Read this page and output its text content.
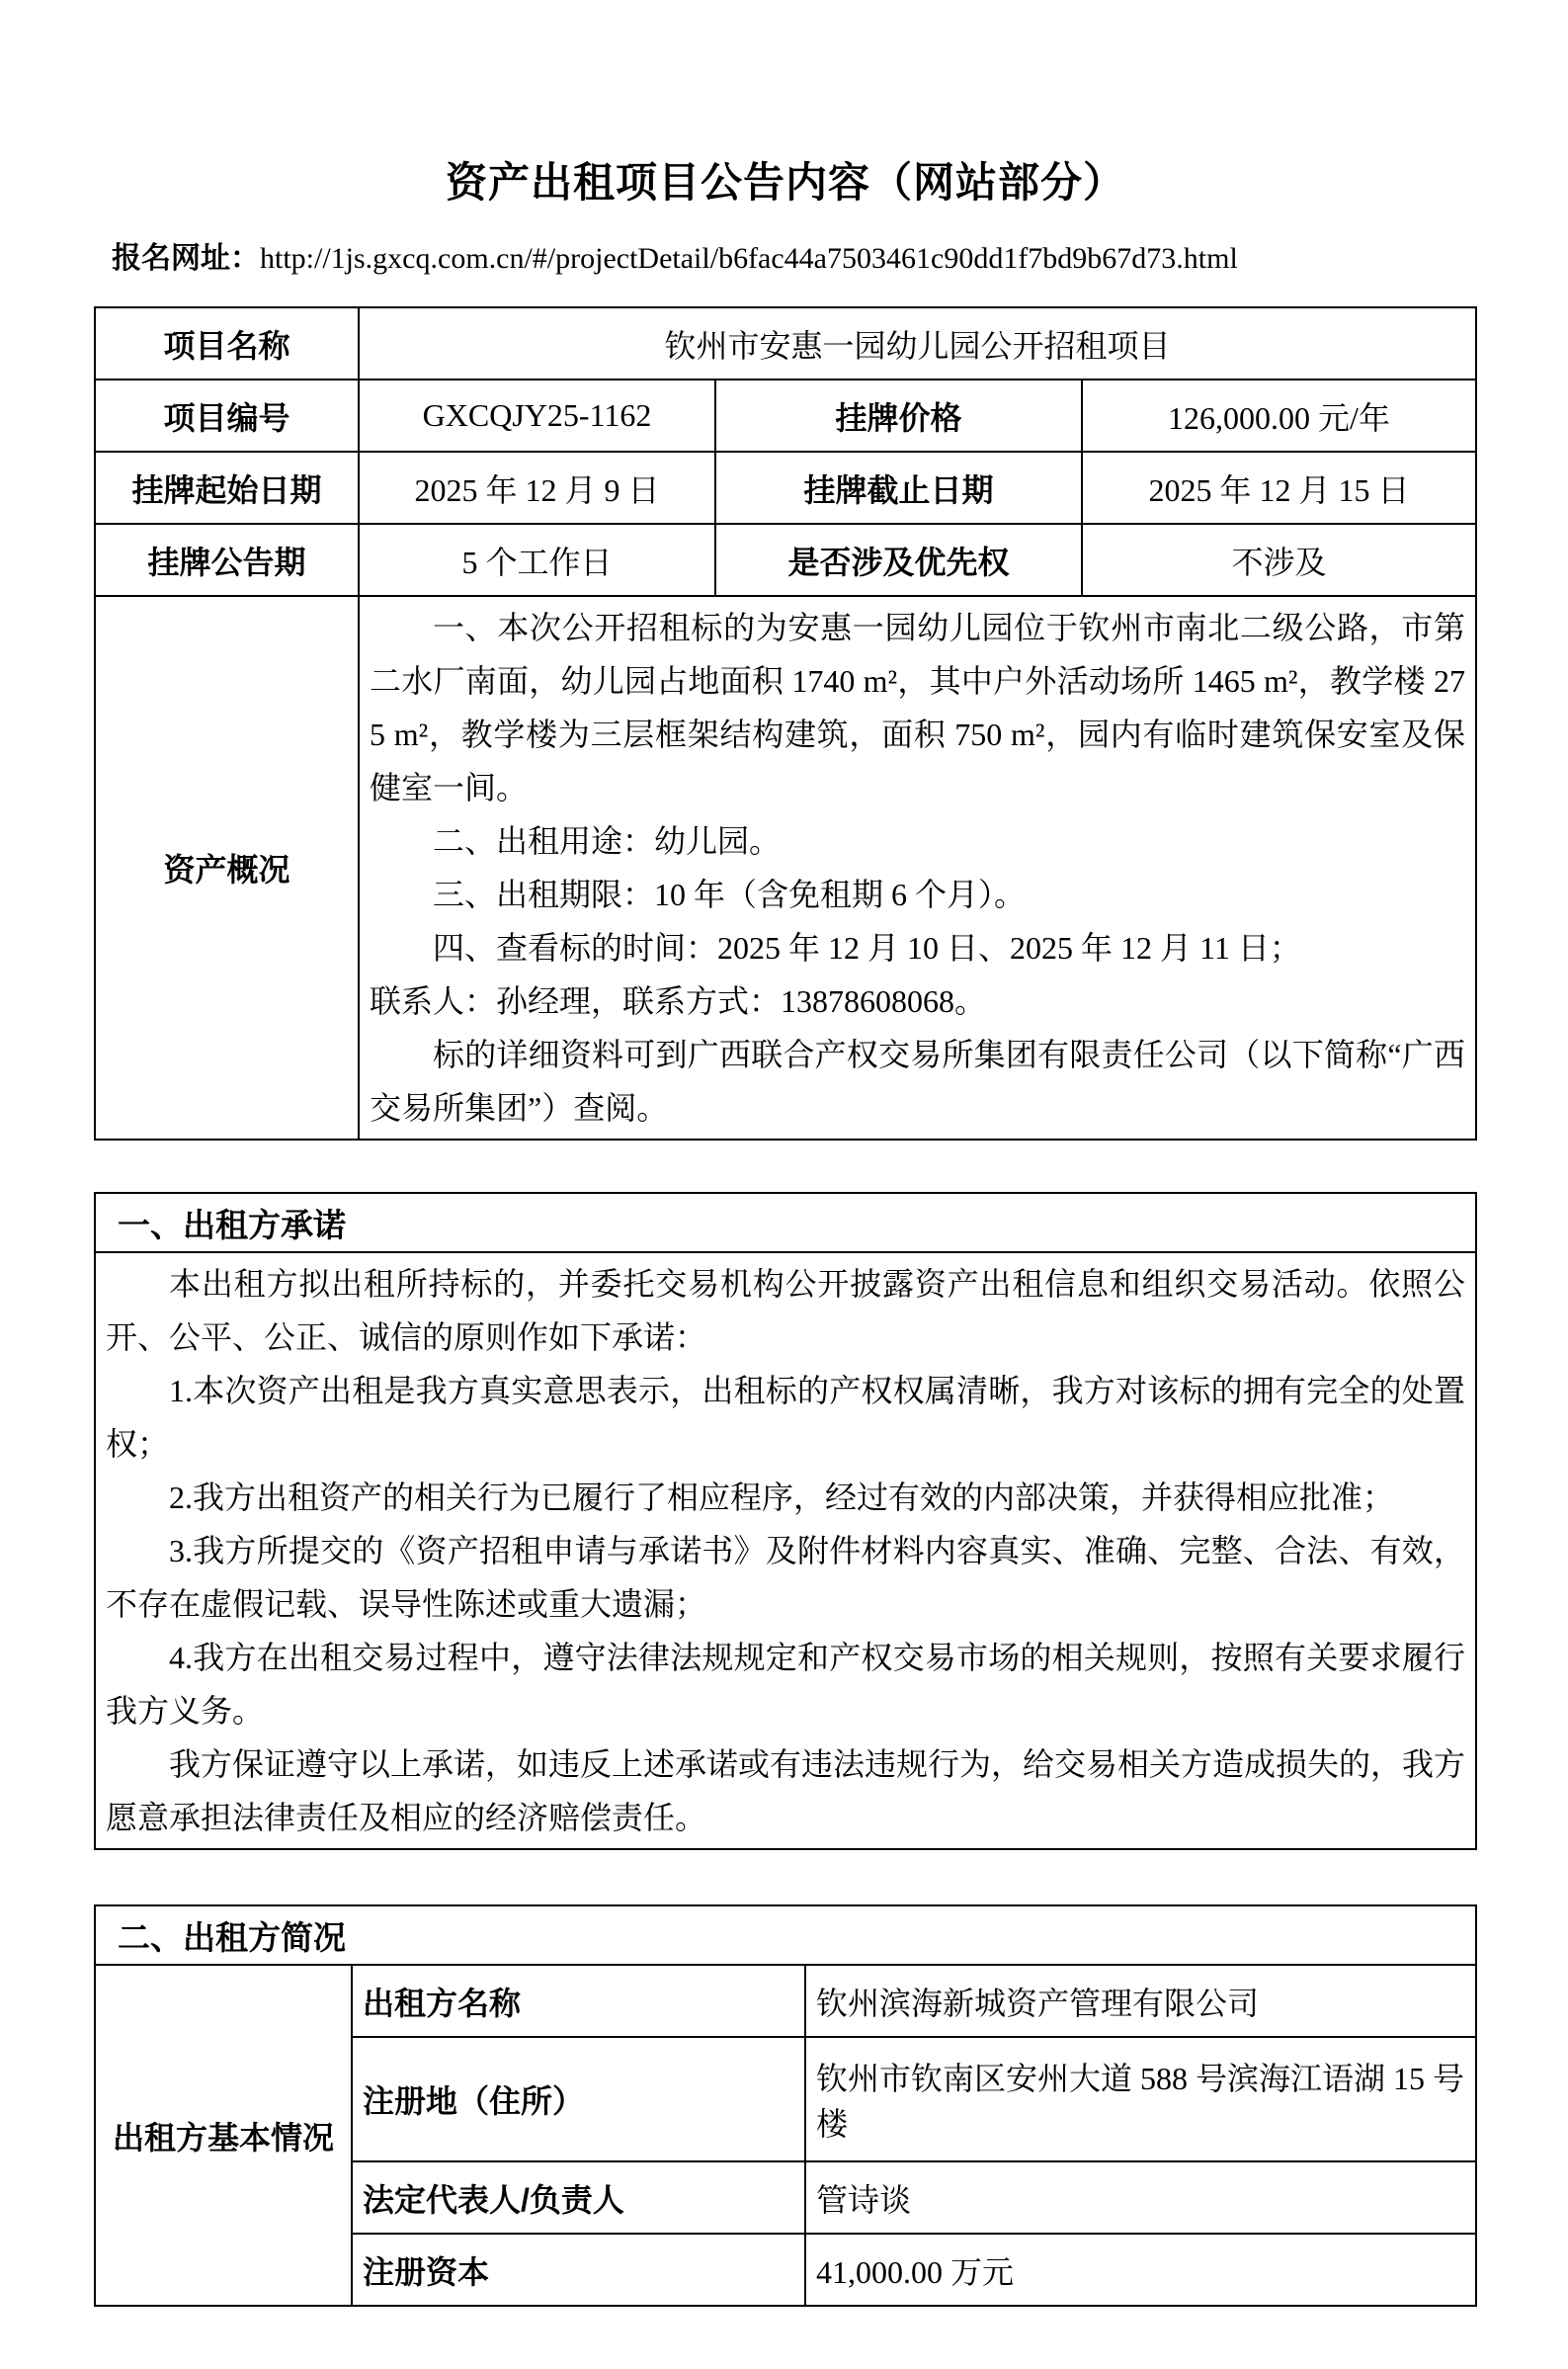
资产出租项目公告内容（网站部分）

报名网址：http://1js.gxcq.com.cn/#/projectDetail/b6fac44a7503461c90dd1f7bd9b67d73.html

项目名称	钦州市安惠一园幼儿园公开招租项目		
项目编号	GXCQJY25-1162	挂牌价格	126,000.00 元/年
挂牌起始日期	2025 年 12 月 9 日	挂牌截止日期	2025 年 12 月 15 日
挂牌公告期	5 个工作日	是否涉及优先权	不涉及
资产概况	

一、本次公开招租标的为安惠一园幼儿园位于钦州市南北二级公路，市第二水厂南面，幼儿园占地面积 1740 m²，其中户外活动场所 1465 m²，教学楼 275 m²，教学楼为三层框架结构建筑，面积 750 m²，园内有临时建筑保安室及保健室一间。

二、出租用途：幼儿园。

三、出租期限：10 年（含免租期 6 个月）。

四、查看标的时间：2025 年 12 月 10 日、2025 年 12 月 11 日；

联系人：孙经理，联系方式：13878608068。

标的详细资料可到广西联合产权交易所集团有限责任公司（以下简称“广西交易所集团”）查阅。

一、出租方承诺

本出租方拟出租所持标的，并委托交易机构公开披露资产出租信息和组织交易活动。依照公开、公平、公正、诚信的原则作如下承诺：

1.本次资产出租是我方真实意思表示，出租标的产权权属清晰，我方对该标的拥有完全的处置权；

2.我方出租资产的相关行为已履行了相应程序，经过有效的内部决策，并获得相应批准；

3.我方所提交的《资产招租申请与承诺书》及附件材料内容真实、准确、完整、合法、有效，不存在虚假记载、误导性陈述或重大遗漏；

4.我方在出租交易过程中，遵守法律法规规定和产权交易市场的相关规则，按照有关要求履行我方义务。

我方保证遵守以上承诺，如违反上述承诺或有违法违规行为，给交易相关方造成损失的，我方愿意承担法律责任及相应的经济赔偿责任。

二、出租方简况		
出租方基本情况	出租方名称	钦州滨海新城资产管理有限公司
	注册地（住所）	钦州市钦南区安州大道 588 号滨海江语湖 15 号楼
	法定代表人/负责人	管诗谈
	注册资本	41,000.00 万元
